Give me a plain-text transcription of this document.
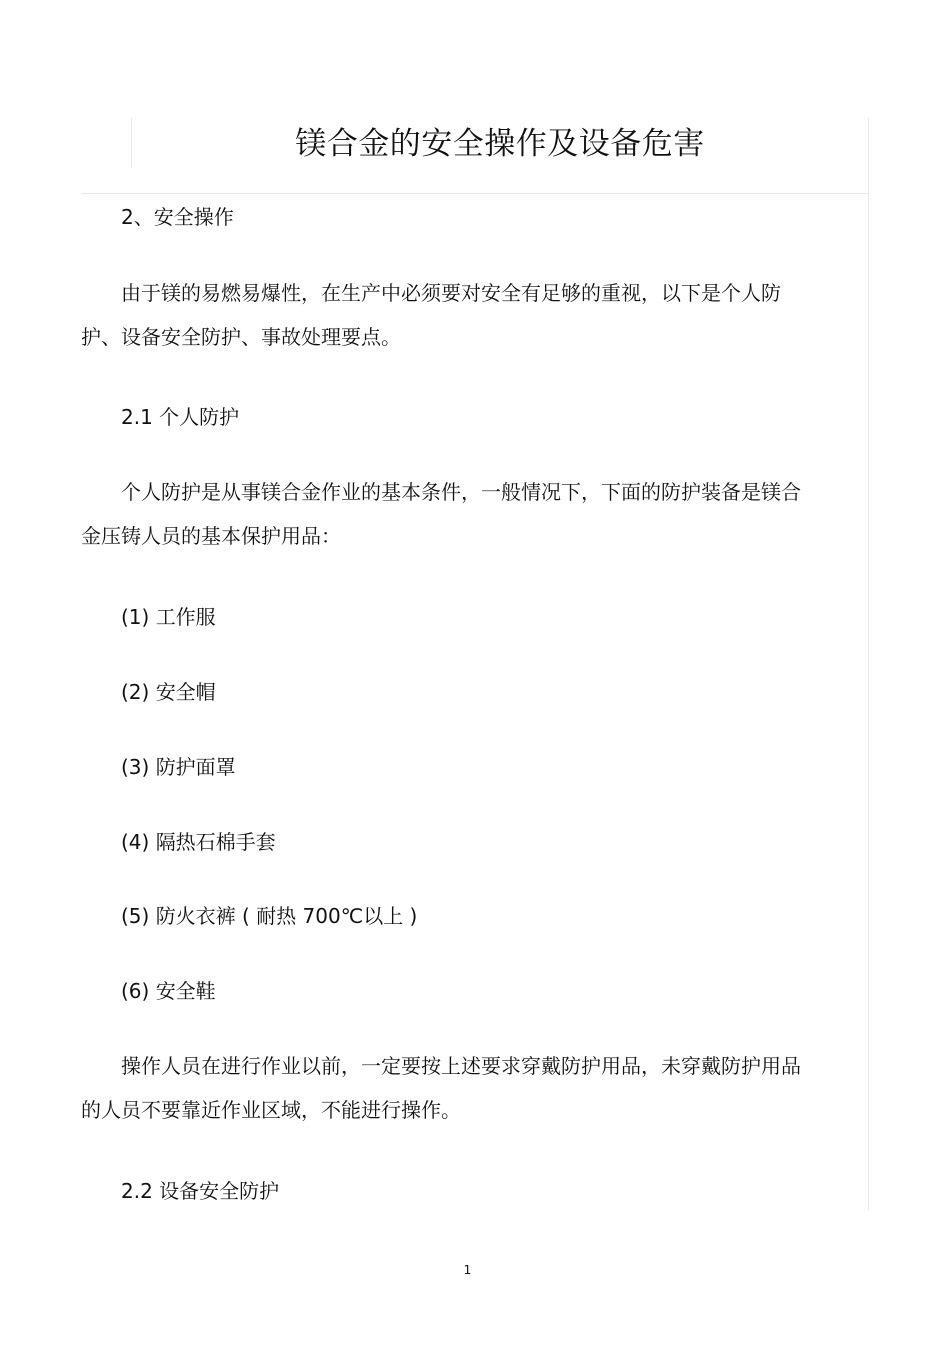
镁合金的安全操作及设备危害
2、安全操作

由于镁的易燃易爆性，在生产中必须要对安全有足够的重视，以下是个人防护、设备安全防护、事故处理要点。

2.1 个人防护

个人防护是从事镁合金作业的基本条件，一般情况下，下面的防护装备是镁合金压铸人员的基本保护用品：

(1) 工作服
(2) 安全帽
(3) 防护面罩
(4) 隔热石棉手套
(5) 防火衣裤 ( 耐热 700℃以上 )
(6) 安全鞋

操作人员在进行作业以前，一定要按上述要求穿戴防护用品，未穿戴防护用品的人员不要靠近作业区域，不能进行操作。

2.2 设备安全防护
1
